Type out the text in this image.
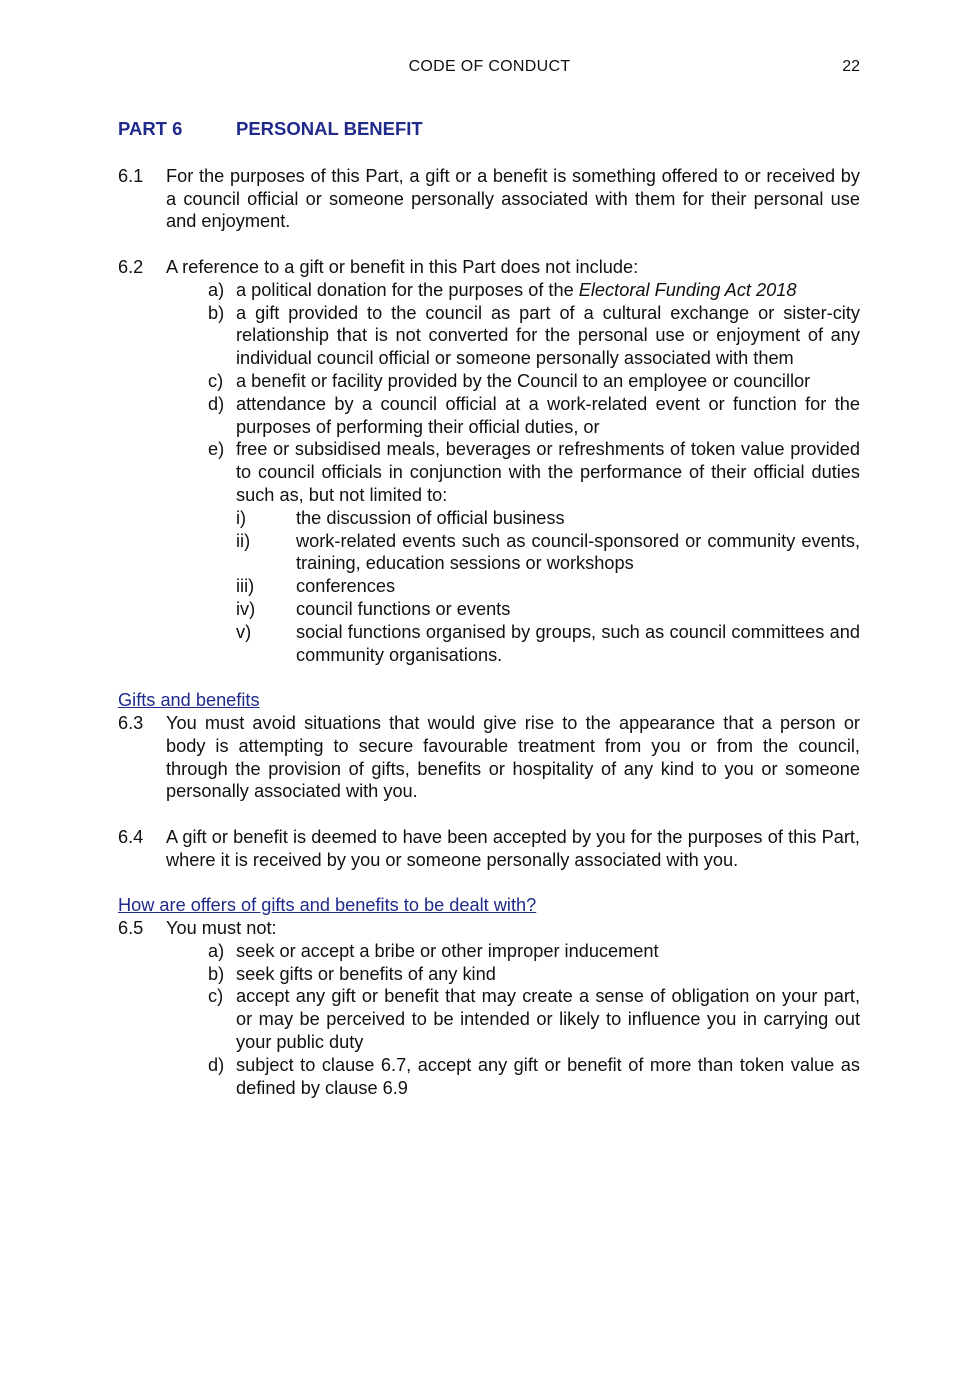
CODE OF CONDUCT	22
PART 6	PERSONAL BENEFIT
6.1 For the purposes of this Part, a gift or a benefit is something offered to or received by a council official or someone personally associated with them for their personal use and enjoyment.
6.2 A reference to a gift or benefit in this Part does not include:
a) a political donation for the purposes of the Electoral Funding Act 2018
b) a gift provided to the council as part of a cultural exchange or sister-city relationship that is not converted for the personal use or enjoyment of any individual council official or someone personally associated with them
c) a benefit or facility provided by the Council to an employee or councillor
d) attendance by a council official at a work-related event or function for the purposes of performing their official duties, or
e) free or subsidised meals, beverages or refreshments of token value provided to council officials in conjunction with the performance of their official duties such as, but not limited to:
i)	the discussion of official business
ii)	work-related events such as council-sponsored or community events, training, education sessions or workshops
iii) conferences
iv) council functions or events
v) social functions organised by groups, such as council committees and community organisations.
Gifts and benefits
6.3 You must avoid situations that would give rise to the appearance that a person or body is attempting to secure favourable treatment from you or from the council, through the provision of gifts, benefits or hospitality of any kind to you or someone personally associated with you.
6.4 A gift or benefit is deemed to have been accepted by you for the purposes of this Part, where it is received by you or someone personally associated with you.
How are offers of gifts and benefits to be dealt with?
6.5 You must not:
a) seek or accept a bribe or other improper inducement
b) seek gifts or benefits of any kind
c) accept any gift or benefit that may create a sense of obligation on your part, or may be perceived to be intended or likely to influence you in carrying out your public duty
d) subject to clause 6.7, accept any gift or benefit of more than token value as defined by clause 6.9
